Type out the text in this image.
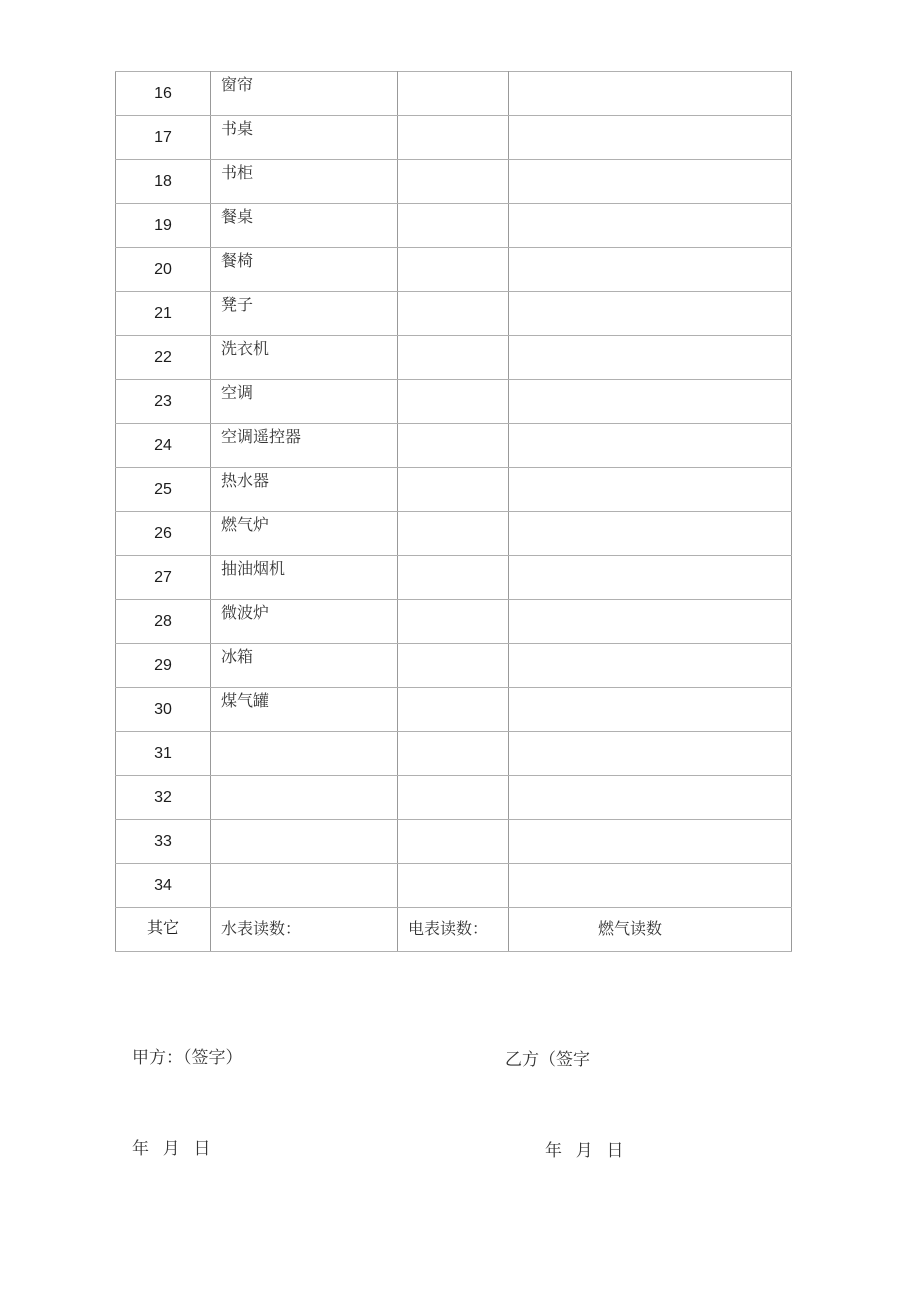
16	窗帘		
17	书桌		
18	书柜		
19	餐桌		
20	餐椅		
21	凳子		
22	洗衣机		
23	空调		
24	空调遥控器		
25	热水器		
26	燃气炉		
27	抽油烟机		
28	微波炉		
29	冰箱		
30	煤气罐		
31			
32			
33			
34			
其它	水表读数：	电表读数：	燃气读数
甲方：（签字）	乙方（签字
年 月 日	年 月 日
